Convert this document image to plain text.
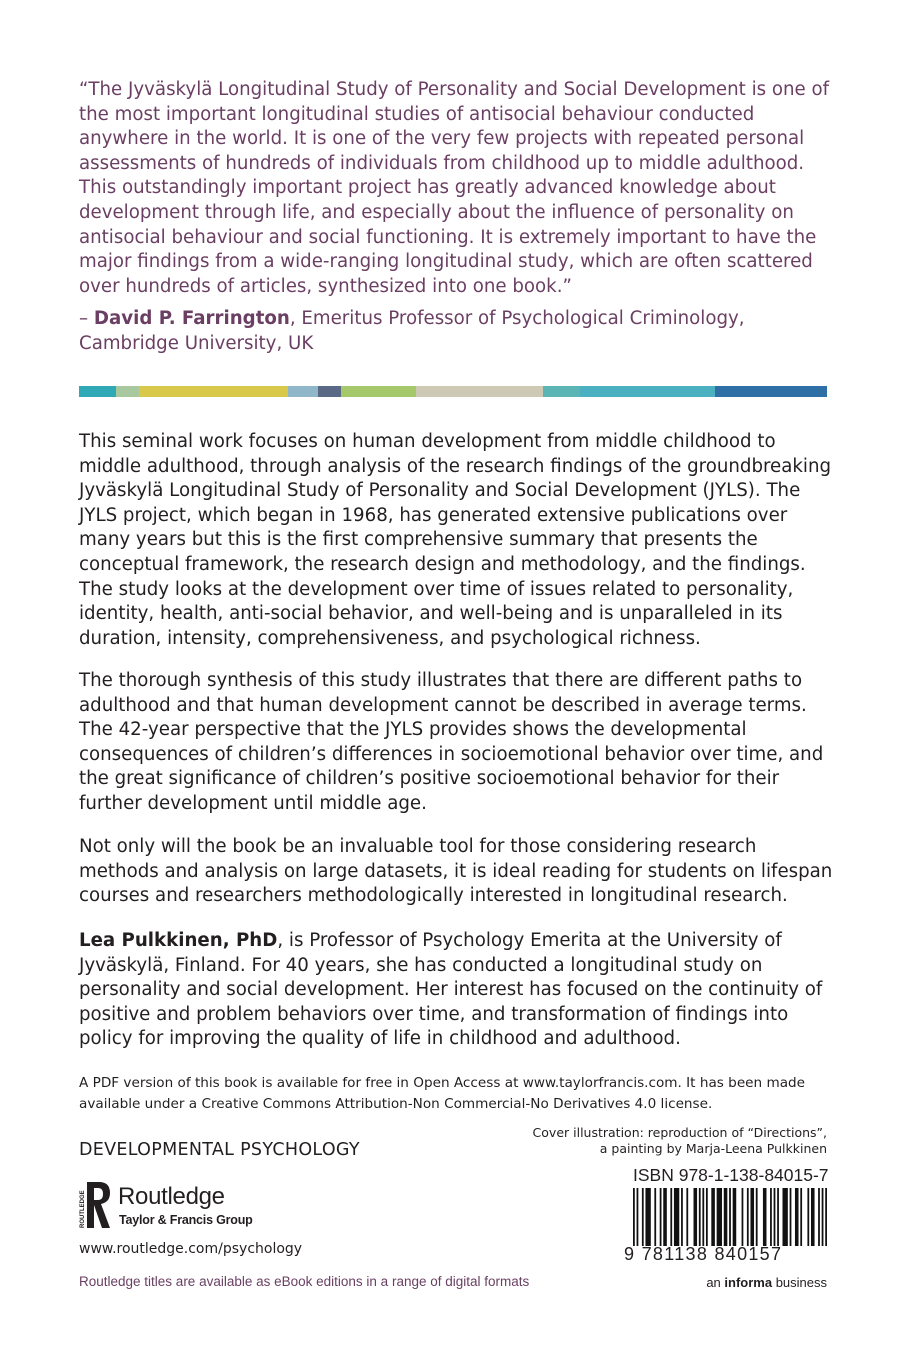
“The Jyväskylä Longitudinal Study of Personality and Social Development is one of the most important longitudinal studies of antisocial behaviour conducted anywhere in the world. It is one of the very few projects with repeated personal assessments of hundreds of individuals from childhood up to middle adulthood. This outstandingly important project has greatly advanced knowledge about development through life, and especially about the influence of personality on antisocial behaviour and social functioning. It is extremely important to have the major findings from a wide-ranging longitudinal study, which are often scattered over hundreds of articles, synthesized into one book.”

– David P. Farrington, Emeritus Professor of Psychological Criminology, Cambridge University, UK

This seminal work focuses on human development from middle childhood to middle adulthood, through analysis of the research findings of the groundbreaking Jyväskylä Longitudinal Study of Personality and Social Development (JYLS). The JYLS project, which began in 1968, has generated extensive publications over many years but this is the first comprehensive summary that presents the conceptual framework, the research design and methodology, and the findings. The study looks at the development over time of issues related to personality, identity, health, anti-social behavior, and well-being and is unparalleled in its duration, intensity, comprehensiveness, and psychological richness.

The thorough synthesis of this study illustrates that there are different paths to adulthood and that human development cannot be described in average terms. The 42-year perspective that the JYLS provides shows the developmental consequences of children’s differences in socioemotional behavior over time, and the great significance of children’s positive socioemotional behavior for their further development until middle age.

Not only will the book be an invaluable tool for those considering research methods and analysis on large datasets, it is ideal reading for students on lifespan courses and researchers methodologically interested in longitudinal research.

Lea Pulkkinen, PhD, is Professor of Psychology Emerita at the University of Jyväskylä, Finland. For 40 years, she has conducted a longitudinal study on personality and social development. Her interest has focused on the continuity of positive and problem behaviors over time, and transformation of findings into policy for improving the quality of life in childhood and adulthood.

A PDF version of this book is available for free in Open Access at www.taylorfrancis.com. It has been made available under a Creative Commons Attribution-Non Commercial-No Derivatives 4.0 license.

DEVELOPMENTAL PSYCHOLOGY

ROUTLEDGE Routledge
Taylor & Francis Group

www.routledge.com/psychology

Routledge titles are available as eBook editions in a range of digital formats

Cover illustration: reproduction of “Directions”,
a painting by Marja-Leena Pulkkinen

ISBN 978-1-138-84015-7

9 781138 840157

an informa business
